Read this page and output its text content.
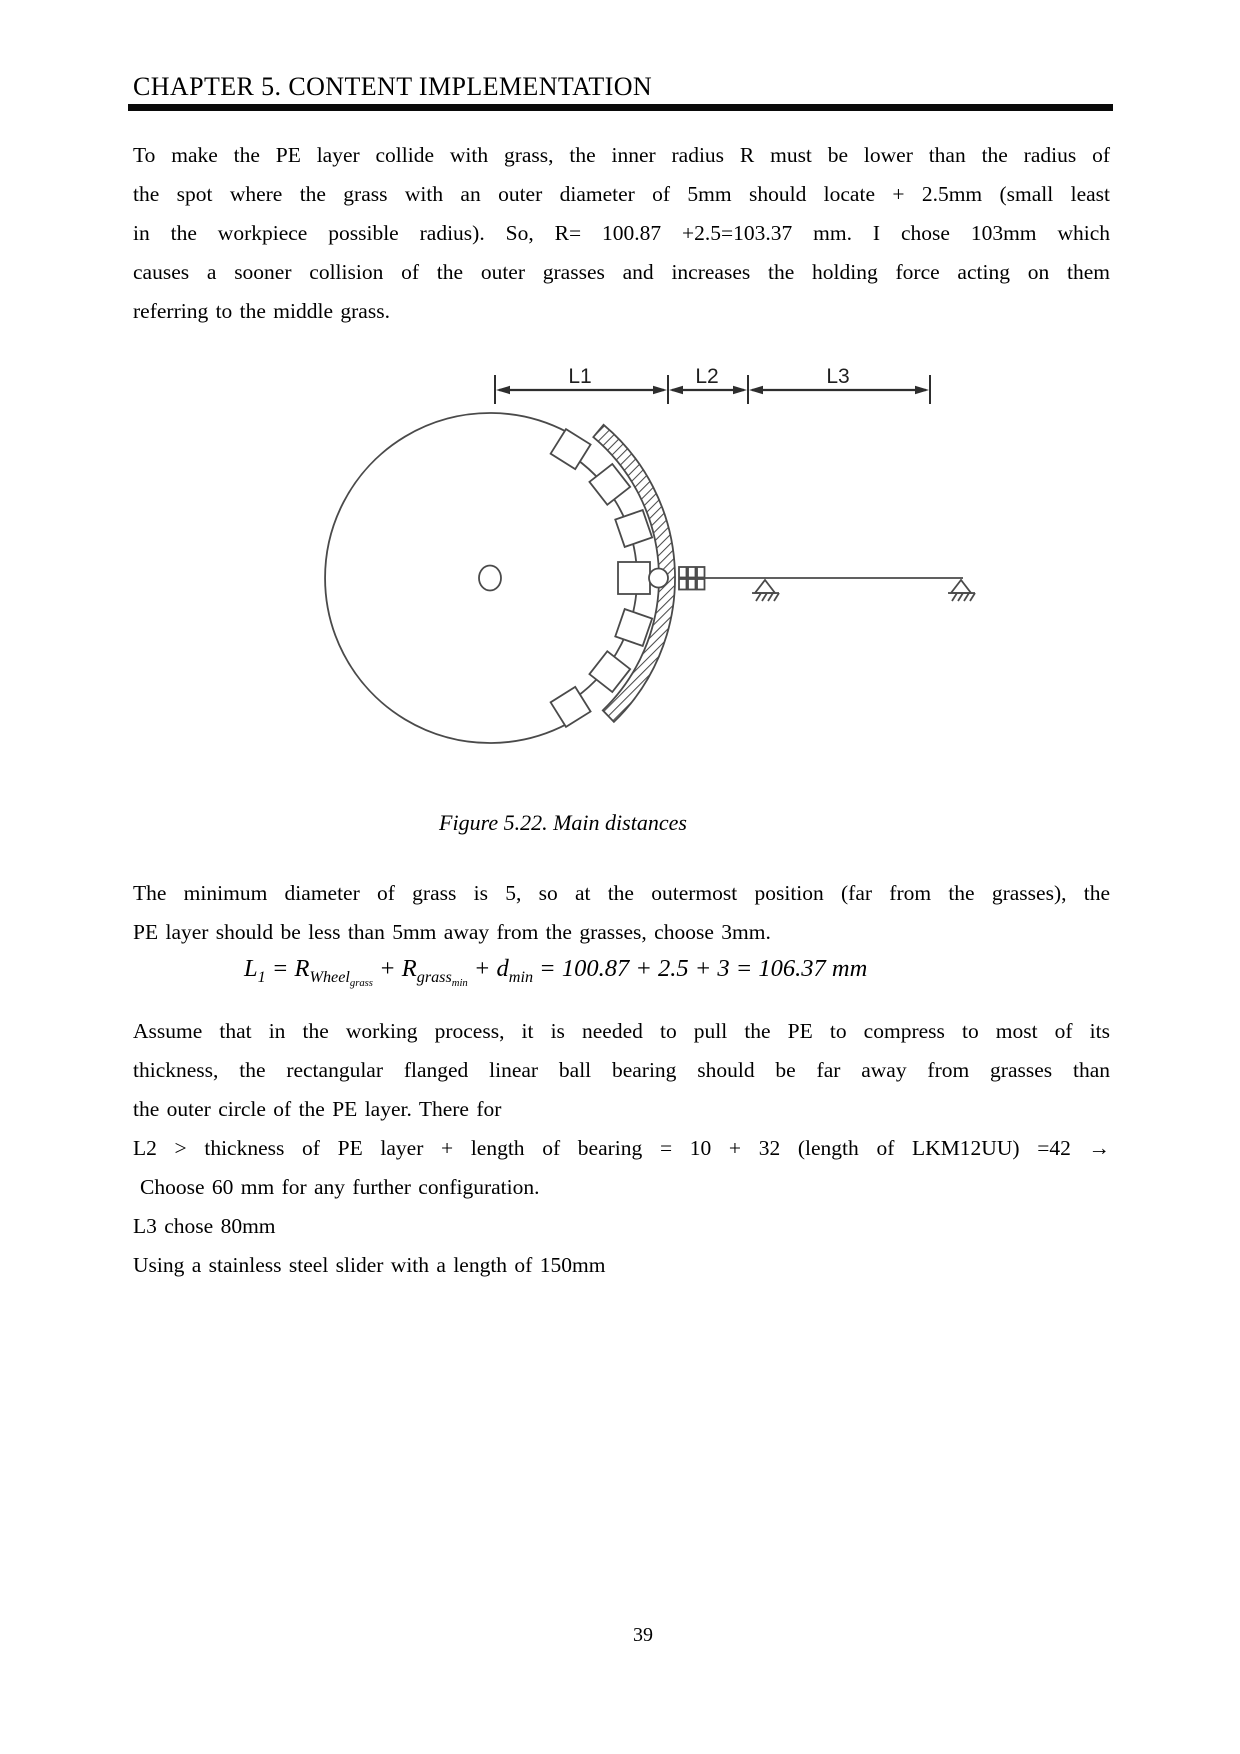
CHAPTER 5. CONTENT IMPLEMENTATION
To make the PE layer collide with grass, the inner radius R must be lower than the radius of
the spot where the grass with an outer diameter of 5mm should locate + 2.5mm (small least
in the workpiece possible radius). So, R= 100.87 +2.5=103.37 mm. I chose 103mm which
causes a sooner collision of the outer grasses and increases the holding force acting on them
referring to the middle grass.
L1	L2	L3
Figure 5.22. Main distances
The minimum diameter of grass is 5, so at the outermost position (far from the grasses), the
PE layer should be less than 5mm away from the grasses, choose 3mm.
$L_1 = R_{Wheel_{grass}} + R_{grass_{min}} + d_{min} = 100.87 + 2.5 + 3 = 106.37$ mm
Assume that in the working process, it is needed to pull the PE to compress to most of its
thickness, the rectangular flanged linear ball bearing should be far away from grasses than
the outer circle of the PE layer. There for
L2 > thickness of PE layer + length of bearing = 10 + 32 (length of LKM12UU) =42 →
Choose 60 mm for any further configuration.
L3 chose 80mm
Using a stainless steel slider with a length of 150mm
39
